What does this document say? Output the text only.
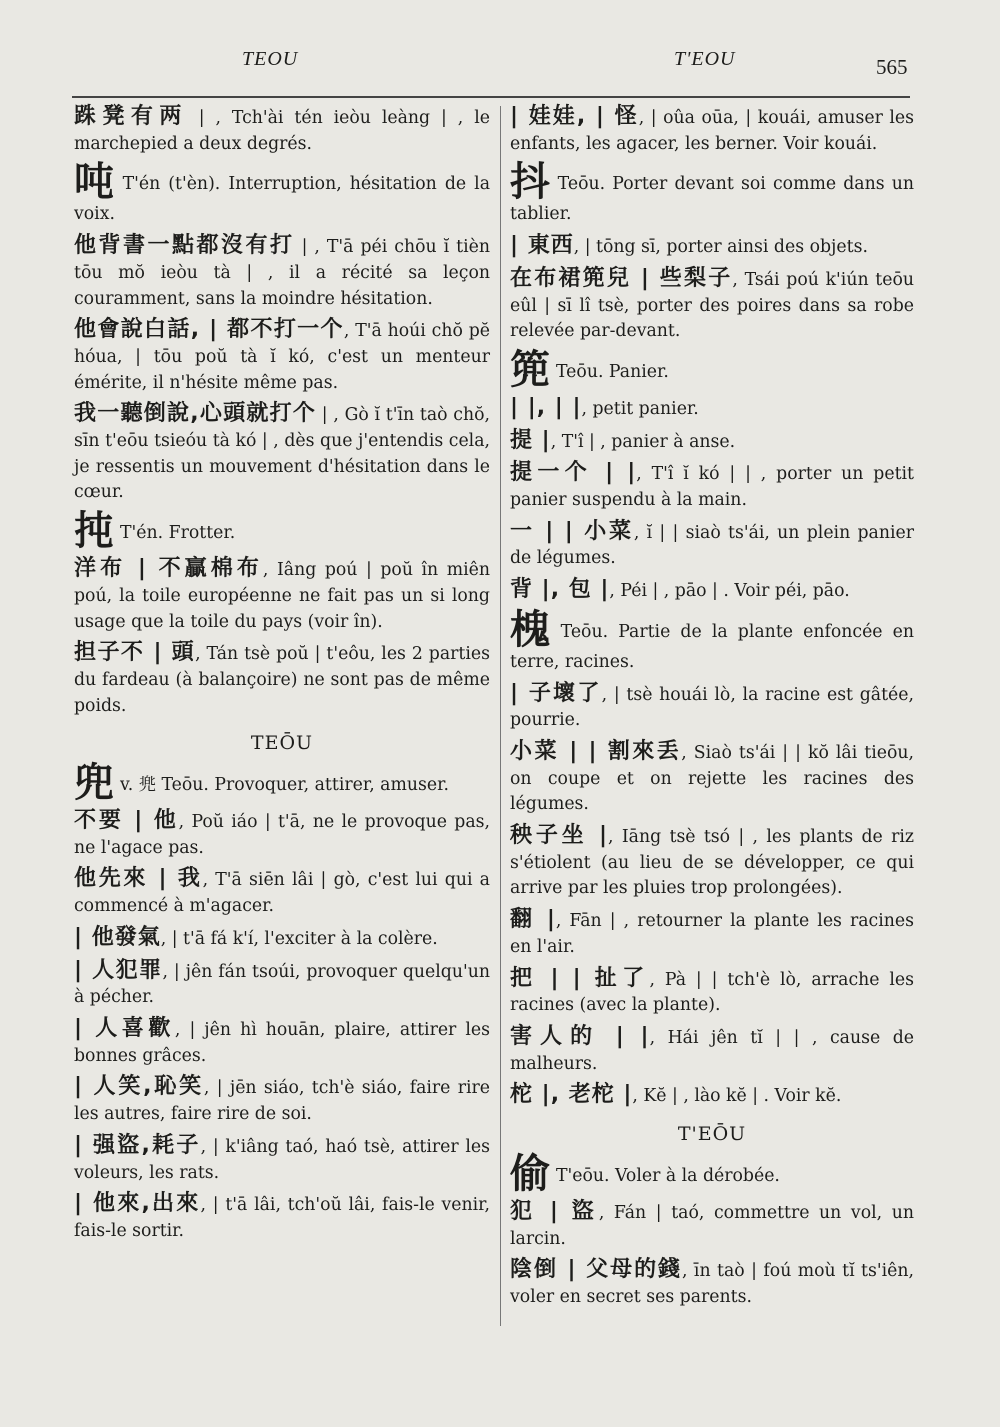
TEOU	T'EOU	565

跦凳有两 | , Tch'ài tén ieòu leàng | , le marchepied a deux degrés.

吨 T'én (t'èn). Interruption, hésitation de la voix.

他背書一點都沒有打 | , T'ā péi chōu ĭ tièn tōu mŏ ieòu tà | , il a récité sa leçon couramment, sans la moindre hésitation.

他會說白話, | 都不打一个, T'ā hoúi chŏ pĕ hóua, | tōu poŭ tà ĭ kó, c'est un menteur émérite, il n'hésite même pas.

我一聽倒說,心頭就打个 | , Gò ĭ t'īn taò chŏ, sīn t'eōu tsieóu tà kó | , dès que j'entendis cela, je ressentis un mouvement d'hésitation dans le cœur.

扽 T'én. Frotter.

洋布 | 不贏棉布, Iâng poú | poŭ în miên poú, la toile européenne ne fait pas un si long usage que la toile du pays (voir în).

担子不 | 頭, Tán tsè poŭ | t'eôu, les 2 parties du fardeau (à balançoire) ne sont pas de même poids.

TEŌU

兜v. 兠 Teōu. Provoquer, attirer, amuser.

不要 | 他, Poŭ iáo | t'ā, ne le provoque pas, ne l'agace pas.

他先來 | 我, T'ā siēn lâi | gò, c'est lui qui a commencé à m'agacer.

| 他發氣, | t'ā fá k'í, l'exciter à la colère.

| 人犯罪, | jên fán tsoúi, provoquer quelqu'un à pécher.

| 人喜歡, | jên hì houān, plaire, attirer les bonnes grâces.

| 人笑,恥笑, | jēn siáo, tch'è siáo, faire rire les autres, faire rire de soi.

| 强盜,耗子, | k'iâng taó, haó tsè, attirer les voleurs, les rats.

| 他來,出來, | t'ā lâi, tch'oŭ lâi, fais-le venir, fais-le sortir.

| 娃娃, | 怪, | oûa oūa, | kouái, amuser les enfants, les agacer, les berner. Voir kouái.

抖 Teōu. Porter devant soi comme dans un tablier.

| 東西, | tōng sī, porter ainsi des objets.

在布裙篼兒 | 些梨子, Tsái poú k'iún teōu eûl | sī lî tsè, porter des poires dans sa robe relevée par-devant.

篼 Teōu. Panier.

| |, | |, petit panier.

提 |, T'î | , panier à anse.

提一个 | |, T'î ĭ kó | | , porter un petit panier suspendu à la main.

一 | | 小菜, ĭ | | siaò ts'ái, un plein panier de légumes.

背 |, 包 |, Péi | , pāo | . Voir péi, pāo.

槐 Teōu. Partie de la plante enfoncée en terre, racines.

| 子壞了, | tsè houái lò, la racine est gâtée, pourrie.

小菜 | | 割來丢, Siaò ts'ái | | kŏ lâi tieōu, on coupe et on rejette les racines des légumes.

秧子坐 |, Iāng tsè tsó | , les plants de riz s'étiolent (au lieu de se développer, ce qui arrive par les pluies trop prolongées).

翻 |, Fān | , retourner la plante les racines en l'air.

把 | | 扯了, Pà | | tch'è lò, arrache les racines (avec la plante).

害人的 | |, Hái jên tĭ | | , cause de malheurs.

柁 |, 老柁 |, Kĕ | , lào kĕ | . Voir kĕ.

T'EŌU

偷 T'eōu. Voler à la dérobée.

犯 | 盜, Fán | taó, commettre un vol, un larcin.

陰倒 | 父母的錢, īn taò | foú moù tĭ ts'iên, voler en secret ses parents.
